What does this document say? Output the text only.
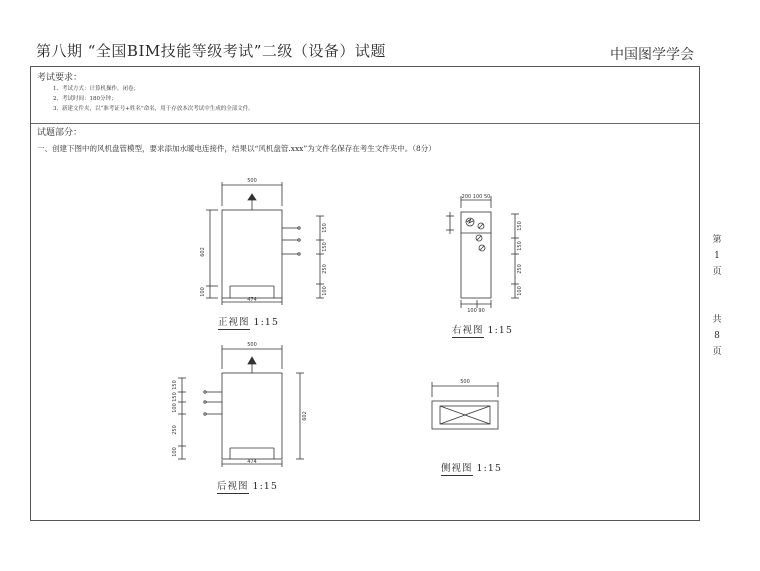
第八期 “全国BIM技能等级考试”二级（设备）试题	中国图学学会
考试要求：
1、考试方式：计算机操作，闭卷；
2、考试时间：180分钟；
3、新建文件夹，以“准考证号+姓名”命名，用于存放本次考试中生成的全部文件。
试题部分：
一、创建下图中的风机盘管模型，要求添加水暖电连接件，结果以“风机盘管.xxx”为文件名保存在考生文件夹中。（8分）
第
1
页
共
8
页
500
474
602
100
150
150
250
100
200 100 50
100 90
150
150
250
100
500
474
602
150
150
100
250
100
500
正视图 1:15
右视图 1:15
后视图 1:15
侧视图 1:15
